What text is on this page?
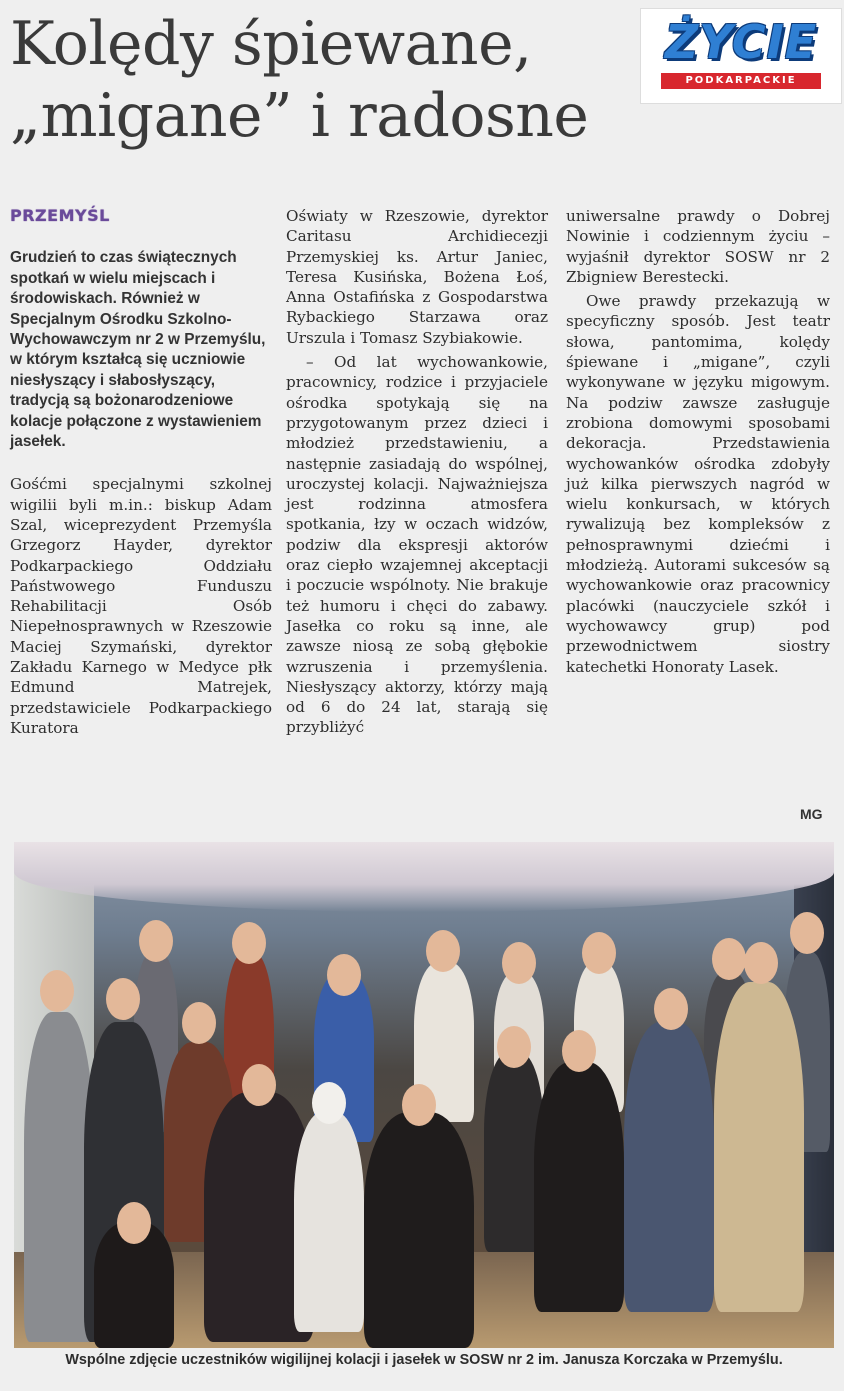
Kolędy śpiewane,
„migane” i radosne
ŻYCIE
PODKARPACKIE
PRZEMYŚL

Grudzień to czas świątecznych spotkań w wielu miejscach i środowiskach. Również w Specjalnym Ośrodku Szkolno-Wychowawczym nr 2 w Przemyślu, w którym kształcą się uczniowie niesłyszący i słabosłyszący, tradycją są bożonarodzeniowe kolacje połączone z wystawieniem jasełek.

Gośćmi specjalnymi szkolnej wigilii byli m.in.: biskup Adam Szal, wiceprezydent Przemyśla Grzegorz Hayder, dyrektor Podkarpackiego Oddziału Państwowego Funduszu Rehabilitacji Osób Niepełnosprawnych w Rzeszowie Maciej Szymański, dyrektor Zakładu Karnego w Medyce płk Edmund Matrejek, przedstawiciele Podkarpackiego Kuratora

Oświaty w Rzeszowie, dyrektor Caritasu Archidiecezji Przemyskiej ks. Artur Janiec, Teresa Kusińska, Bożena Łoś, Anna Ostafińska z Gospodarstwa Rybackiego Starzawa oraz Urszula i Tomasz Szybiakowie.

– Od lat wychowankowie, pracownicy, rodzice i przyjaciele ośrodka spotykają się na przygotowanym przez dzieci i młodzież przedstawieniu, a następnie zasiadają do wspólnej, uroczystej kolacji. Najważniejsza jest rodzinna atmosfera spotkania, łzy w oczach widzów, podziw dla ekspresji aktorów oraz ciepło wzajemnej akceptacji i poczucie wspólnoty. Nie brakuje też humoru i chęci do zabawy. Jasełka co roku są inne, ale zawsze niosą ze sobą głębokie wzruszenia i przemyślenia. Niesłyszący aktorzy, którzy mają od 6 do 24 lat, starają się przybliżyć

uniwersalne prawdy o Dobrej Nowinie i codziennym życiu – wyjaśnił dyrektor SOSW nr 2 Zbigniew Berestecki.

Owe prawdy przekazują w specyficzny sposób. Jest teatr słowa, pantomima, kolędy śpiewane i „migane”, czyli wykonywane w języku migowym. Na podziw zawsze zasługuje zrobiona domowymi sposobami dekoracja. Przedstawienia wychowanków ośrodka zdobyły już kilka pierwszych nagród w wielu konkursach, w których rywalizują bez kompleksów z pełnosprawnymi dziećmi i młodzieżą. Autorami sukcesów są wychowankowie oraz pracownicy placówki (nauczyciele szkół i wychowawcy grup) pod przewodnictwem siostry katechetki Honoraty Lasek.

MG
Wspólne zdjęcie uczestników wigilijnej kolacji i jasełek w SOSW nr 2 im. Janusza Korczaka w Przemyślu.
